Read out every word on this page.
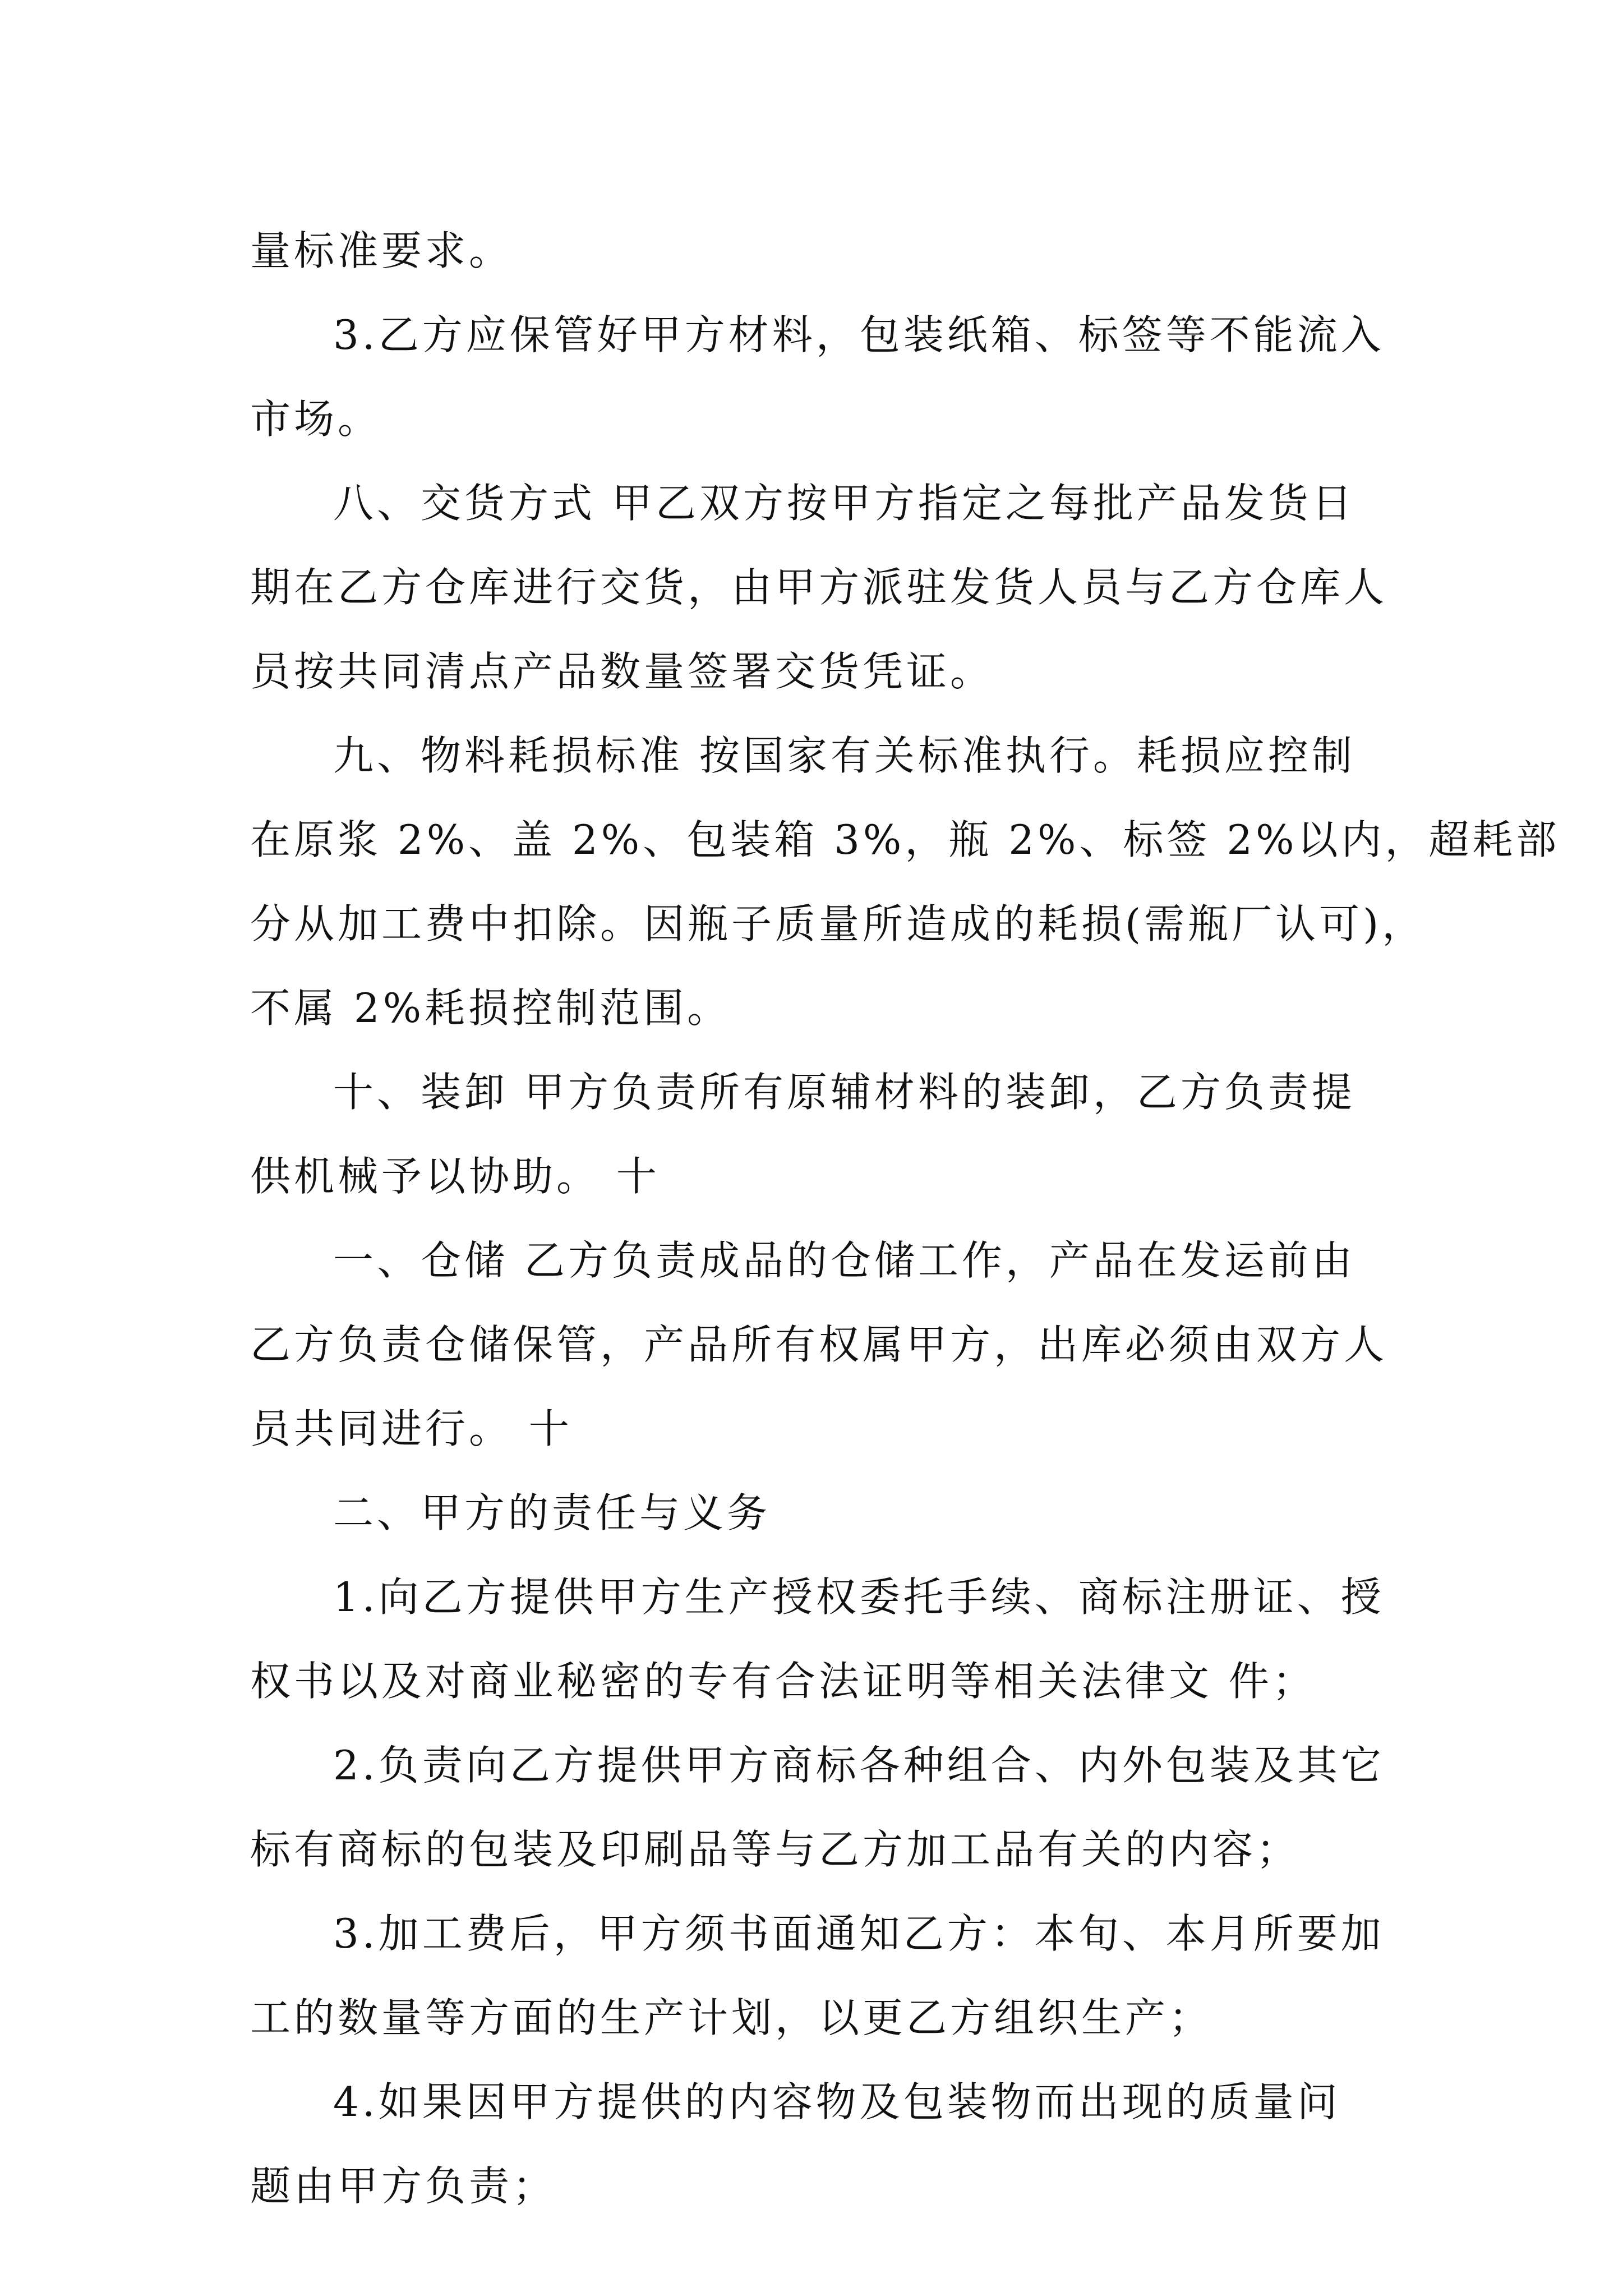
量标准要求。
3.乙方应保管好甲方材料，包装纸箱、标签等不能流入
市场。
八、交货方式 甲乙双方按甲方指定之每批产品发货日
期在乙方仓库进行交货，由甲方派驻发货人员与乙方仓库人
员按共同清点产品数量签署交货凭证。
九、物料耗损标准 按国家有关标准执行。耗损应控制
在原浆 2%、盖 2%、包装箱 3%，瓶 2%、标签 2%以内，超耗部
分从加工费中扣除。因瓶子质量所造成的耗损(需瓶厂认可)，
不属 2%耗损控制范围。
十、装卸 甲方负责所有原辅材料的装卸，乙方负责提
供机械予以协助。 十
一、仓储 乙方负责成品的仓储工作，产品在发运前由
乙方负责仓储保管，产品所有权属甲方，出库必须由双方人
员共同进行。 十
二、甲方的责任与义务
1.向乙方提供甲方生产授权委托手续、商标注册证、授
权书以及对商业秘密的专有合法证明等相关法律文 件；
2.负责向乙方提供甲方商标各种组合、内外包装及其它
标有商标的包装及印刷品等与乙方加工品有关的内容；
3.加工费后，甲方须书面通知乙方：本旬、本月所要加
工的数量等方面的生产计划，以更乙方组织生产；
4.如果因甲方提供的内容物及包装物而出现的质量问
题由甲方负责；
